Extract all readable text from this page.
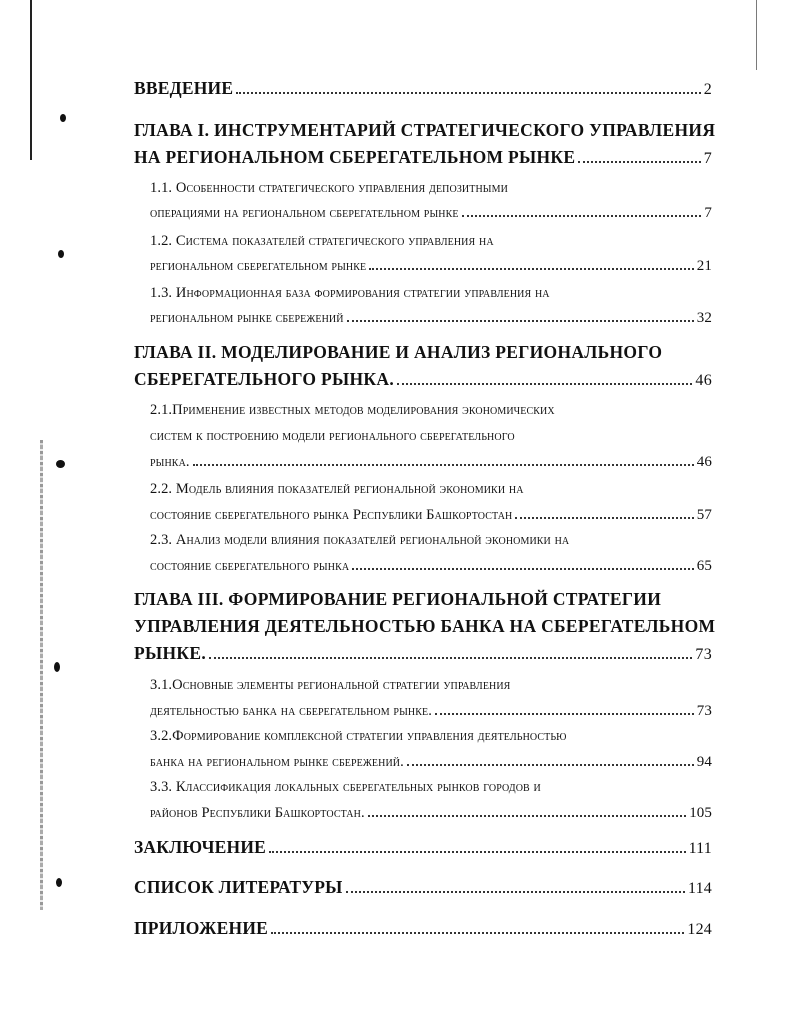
ВВЕДЕНИЕ	2
ГЛАВА I. ИНСТРУМЕНТАРИЙ СТРАТЕГИЧЕСКОГО УПРАВЛЕНИЯ
НА РЕГИОНАЛЬНОМ СБЕРЕГАТЕЛЬНОМ РЫНКЕ	7
1.1. Особенности стратегического управления депозитными
операциями на региональном сберегательном рынке	7
1.2. Система показателей стратегического управления на
региональном сберегательном рынке	21
1.3. Информационная база формирования стратегии управления на
региональном рынке сбережений	32
ГЛАВА II. МОДЕЛИРОВАНИЕ И АНАЛИЗ РЕГИОНАЛЬНОГО
СБЕРЕГАТЕЛЬНОГО РЫНКА.	46
2.1.Применение известных методов моделирования экономических
систем к построению модели регионального сберегательного
рынка.	46
2.2. Модель влияния показателей региональной экономики на
состояние сберегательного рынка Республики Башкортостан	57
2.3. Анализ модели влияния показателей региональной экономики на
состояние сберегательного рынка	65
ГЛАВА III. ФОРМИРОВАНИЕ РЕГИОНАЛЬНОЙ СТРАТЕГИИ
УПРАВЛЕНИЯ ДЕЯТЕЛЬНОСТЬЮ БАНКА НА СБЕРЕГАТЕЛЬНОМ
РЫНКЕ.	73
3.1.Основные элементы региональной стратегии управления
деятельностью банка на сберегательном рынке.	73
3.2.Формирование комплексной стратегии управления деятельностью
банка на региональном рынке сбережений.	94
3.3. Классификация локальных сберегательных рынков городов и
районов Республики Башкортостан.	105
ЗАКЛЮЧЕНИЕ	111
СПИСОК ЛИТЕРАТУРЫ	114
ПРИЛОЖЕНИЕ	124
